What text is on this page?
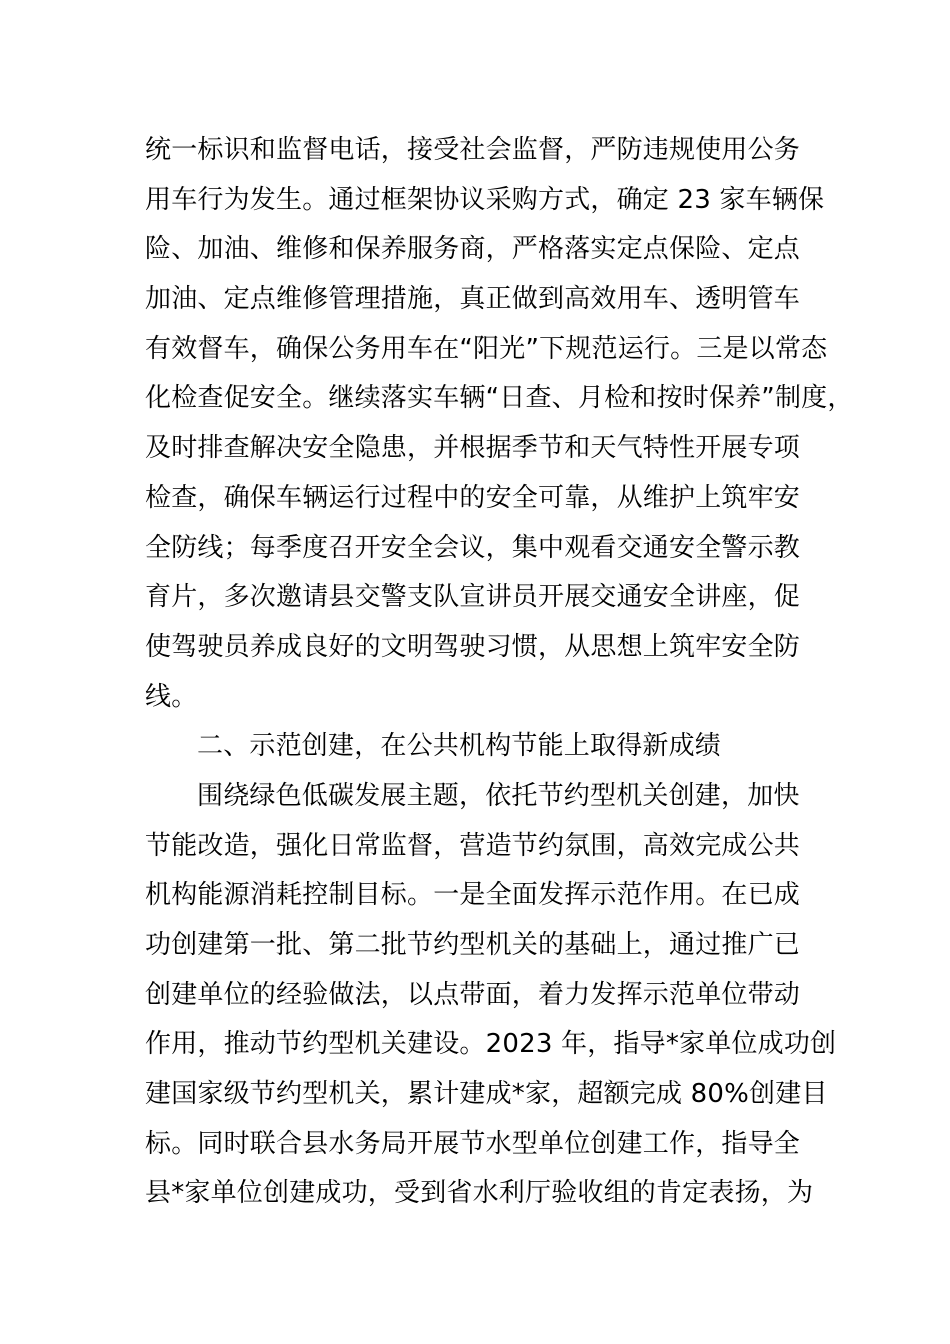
统一标识和监督电话，接受社会监督，严防违规使用公务
用车行为发生。通过框架协议采购方式，确定 23 家车辆保
险、加油、维修和保养服务商，严格落实定点保险、定点
加油、定点维修管理措施，真正做到高效用车、透明管车
有效督车，确保公务用车在“阳光”下规范运行。三是以常态
化检查促安全。继续落实车辆“日查、月检和按时保养”制度，
及时排查解决安全隐患，并根据季节和天气特性开展专项
检查，确保车辆运行过程中的安全可靠，从维护上筑牢安
全防线；每季度召开安全会议，集中观看交通安全警示教
育片，多次邀请县交警支队宣讲员开展交通安全讲座，促
使驾驶员养成良好的文明驾驶习惯，从思想上筑牢安全防
线。
二、示范创建，在公共机构节能上取得新成绩
围绕绿色低碳发展主题，依托节约型机关创建，加快
节能改造，强化日常监督，营造节约氛围，高效完成公共
机构能源消耗控制目标。一是全面发挥示范作用。在已成
功创建第一批、第二批节约型机关的基础上，通过推广已
创建单位的经验做法，以点带面，着力发挥示范单位带动
作用，推动节约型机关建设。2023 年，指导*家单位成功创
建国家级节约型机关，累计建成*家，超额完成 80%创建目
标。同时联合县水务局开展节水型单位创建工作，指导全
县*家单位创建成功，受到省水利厅验收组的肯定表扬，为
